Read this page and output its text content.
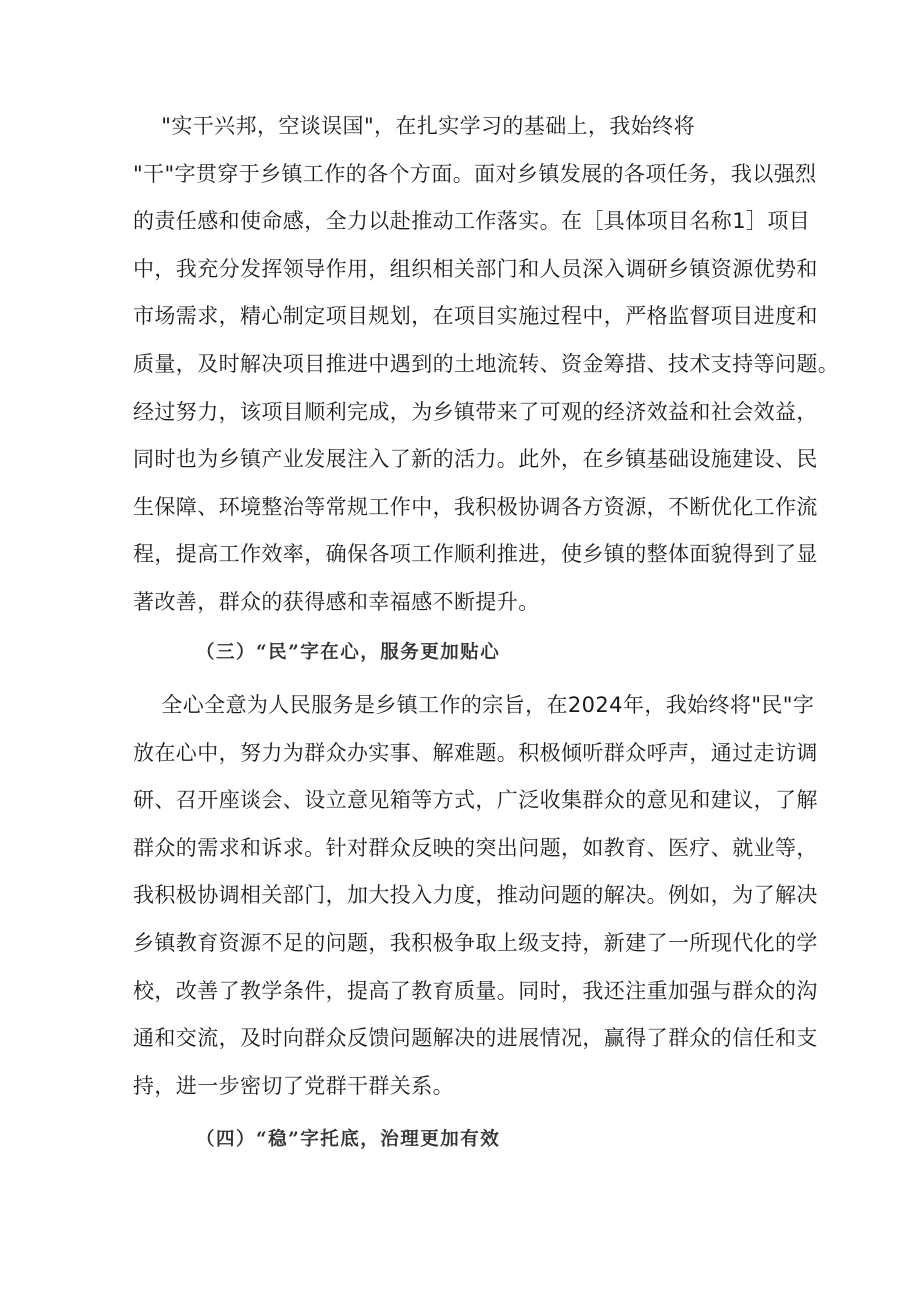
"实干兴邦，空谈误国"，在扎实学习的基础上，我始终将
"干"字贯穿于乡镇工作的各个方面。面对乡镇发展的各项任务，我以强烈
的责任感和使命感，全力以赴推动工作落实。在［具体项目名称1］项目
中，我充分发挥领导作用，组织相关部门和人员深入调研乡镇资源优势和
市场需求，精心制定项目规划，在项目实施过程中，严格监督项目进度和
质量，及时解决项目推进中遇到的土地流转、资金筹措、技术支持等问题。
经过努力，该项目顺利完成，为乡镇带来了可观的经济效益和社会效益，
同时也为乡镇产业发展注入了新的活力。此外，在乡镇基础设施建设、民
生保障、环境整治等常规工作中，我积极协调各方资源，不断优化工作流
程，提高工作效率，确保各项工作顺利推进，使乡镇的整体面貌得到了显
著改善，群众的获得感和幸福感不断提升。

（三）“民”字在心，服务更加贴心

全心全意为人民服务是乡镇工作的宗旨，在2024年，我始终将"民"字
放在心中，努力为群众办实事、解难题。积极倾听群众呼声，通过走访调
研、召开座谈会、设立意见箱等方式，广泛收集群众的意见和建议，了解
群众的需求和诉求。针对群众反映的突出问题，如教育、医疗、就业等，
我积极协调相关部门，加大投入力度，推动问题的解决。例如，为了解决
乡镇教育资源不足的问题，我积极争取上级支持，新建了一所现代化的学
校，改善了教学条件，提高了教育质量。同时，我还注重加强与群众的沟
通和交流，及时向群众反馈问题解决的进展情况，赢得了群众的信任和支
持，进一步密切了党群干群关系。

（四）“稳”字托底，治理更加有效
